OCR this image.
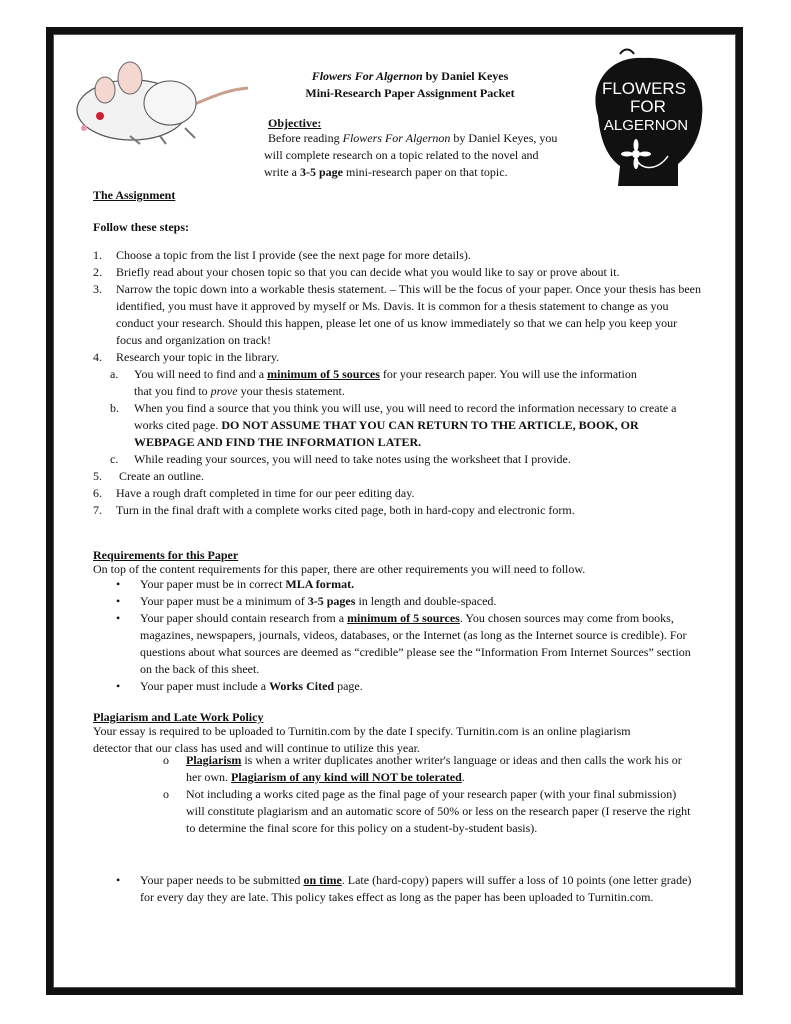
Flowers For Algernon by Daniel Keyes
Mini-Research Paper Assignment Packet
Objective:
Before reading Flowers For Algernon by Daniel Keyes, you will complete research on a topic related to the novel and write a 3-5 page mini-research paper on that topic.
FLOWERS
FOR
ALGERNON
The Assignment
Follow these steps:
1. Choose a topic from the list I provide (see the next page for more details).
2. Briefly read about your chosen topic so that you can decide what you would like to say or prove about it.
3. Narrow the topic down into a workable thesis statement. – This will be the focus of your paper. Once your thesis has been identified, you must have it approved by myself or Ms. Davis. It is common for a thesis statement to change as you conduct your research. Should this happen, please let one of us know immediately so that we can help you keep your focus and organization on track!
4. Research your topic in the library.
a. You will need to find and a minimum of 5 sources for your research paper. You will use the information that you find to prove your thesis statement.
b. When you find a source that you think you will use, you will need to record the information necessary to create a works cited page. DO NOT ASSUME THAT YOU CAN RETURN TO THE ARTICLE, BOOK, OR WEBPAGE AND FIND THE INFORMATION LATER.
c. While reading your sources, you will need to take notes using the worksheet that I provide.
5. Create an outline.
6. Have a rough draft completed in time for our peer editing day.
7. Turn in the final draft with a complete works cited page, both in hard-copy and electronic form.
Requirements for this Paper
On top of the content requirements for this paper, there are other requirements you will need to follow.
• Your paper must be in correct MLA format.
• Your paper must be a minimum of 3-5 pages in length and double-spaced.
• Your paper should contain research from a minimum of 5 sources. You chosen sources may come from books, magazines, newspapers, journals, videos, databases, or the Internet (as long as the Internet source is credible). For questions about what sources are deemed as “credible” please see the “Information From Internet Sources” section on the back of this sheet.
• Your paper must include a Works Cited page.
Plagiarism and Late Work Policy
Your essay is required to be uploaded to Turnitin.com by the date I specify. Turnitin.com is an online plagiarism detector that our class has used and will continue to utilize this year.
o Plagiarism is when a writer duplicates another writer's language or ideas and then calls the work his or her own. Plagiarism of any kind will NOT be tolerated.
o Not including a works cited page as the final page of your research paper (with your final submission) will constitute plagiarism and an automatic score of 50% or less on the research paper (I reserve the right to determine the final score for this policy on a student-by-student basis).
• Your paper needs to be submitted on time. Late (hard-copy) papers will suffer a loss of 10 points (one letter grade) for every day they are late. This policy takes effect as long as the paper has been uploaded to Turnitin.com.
